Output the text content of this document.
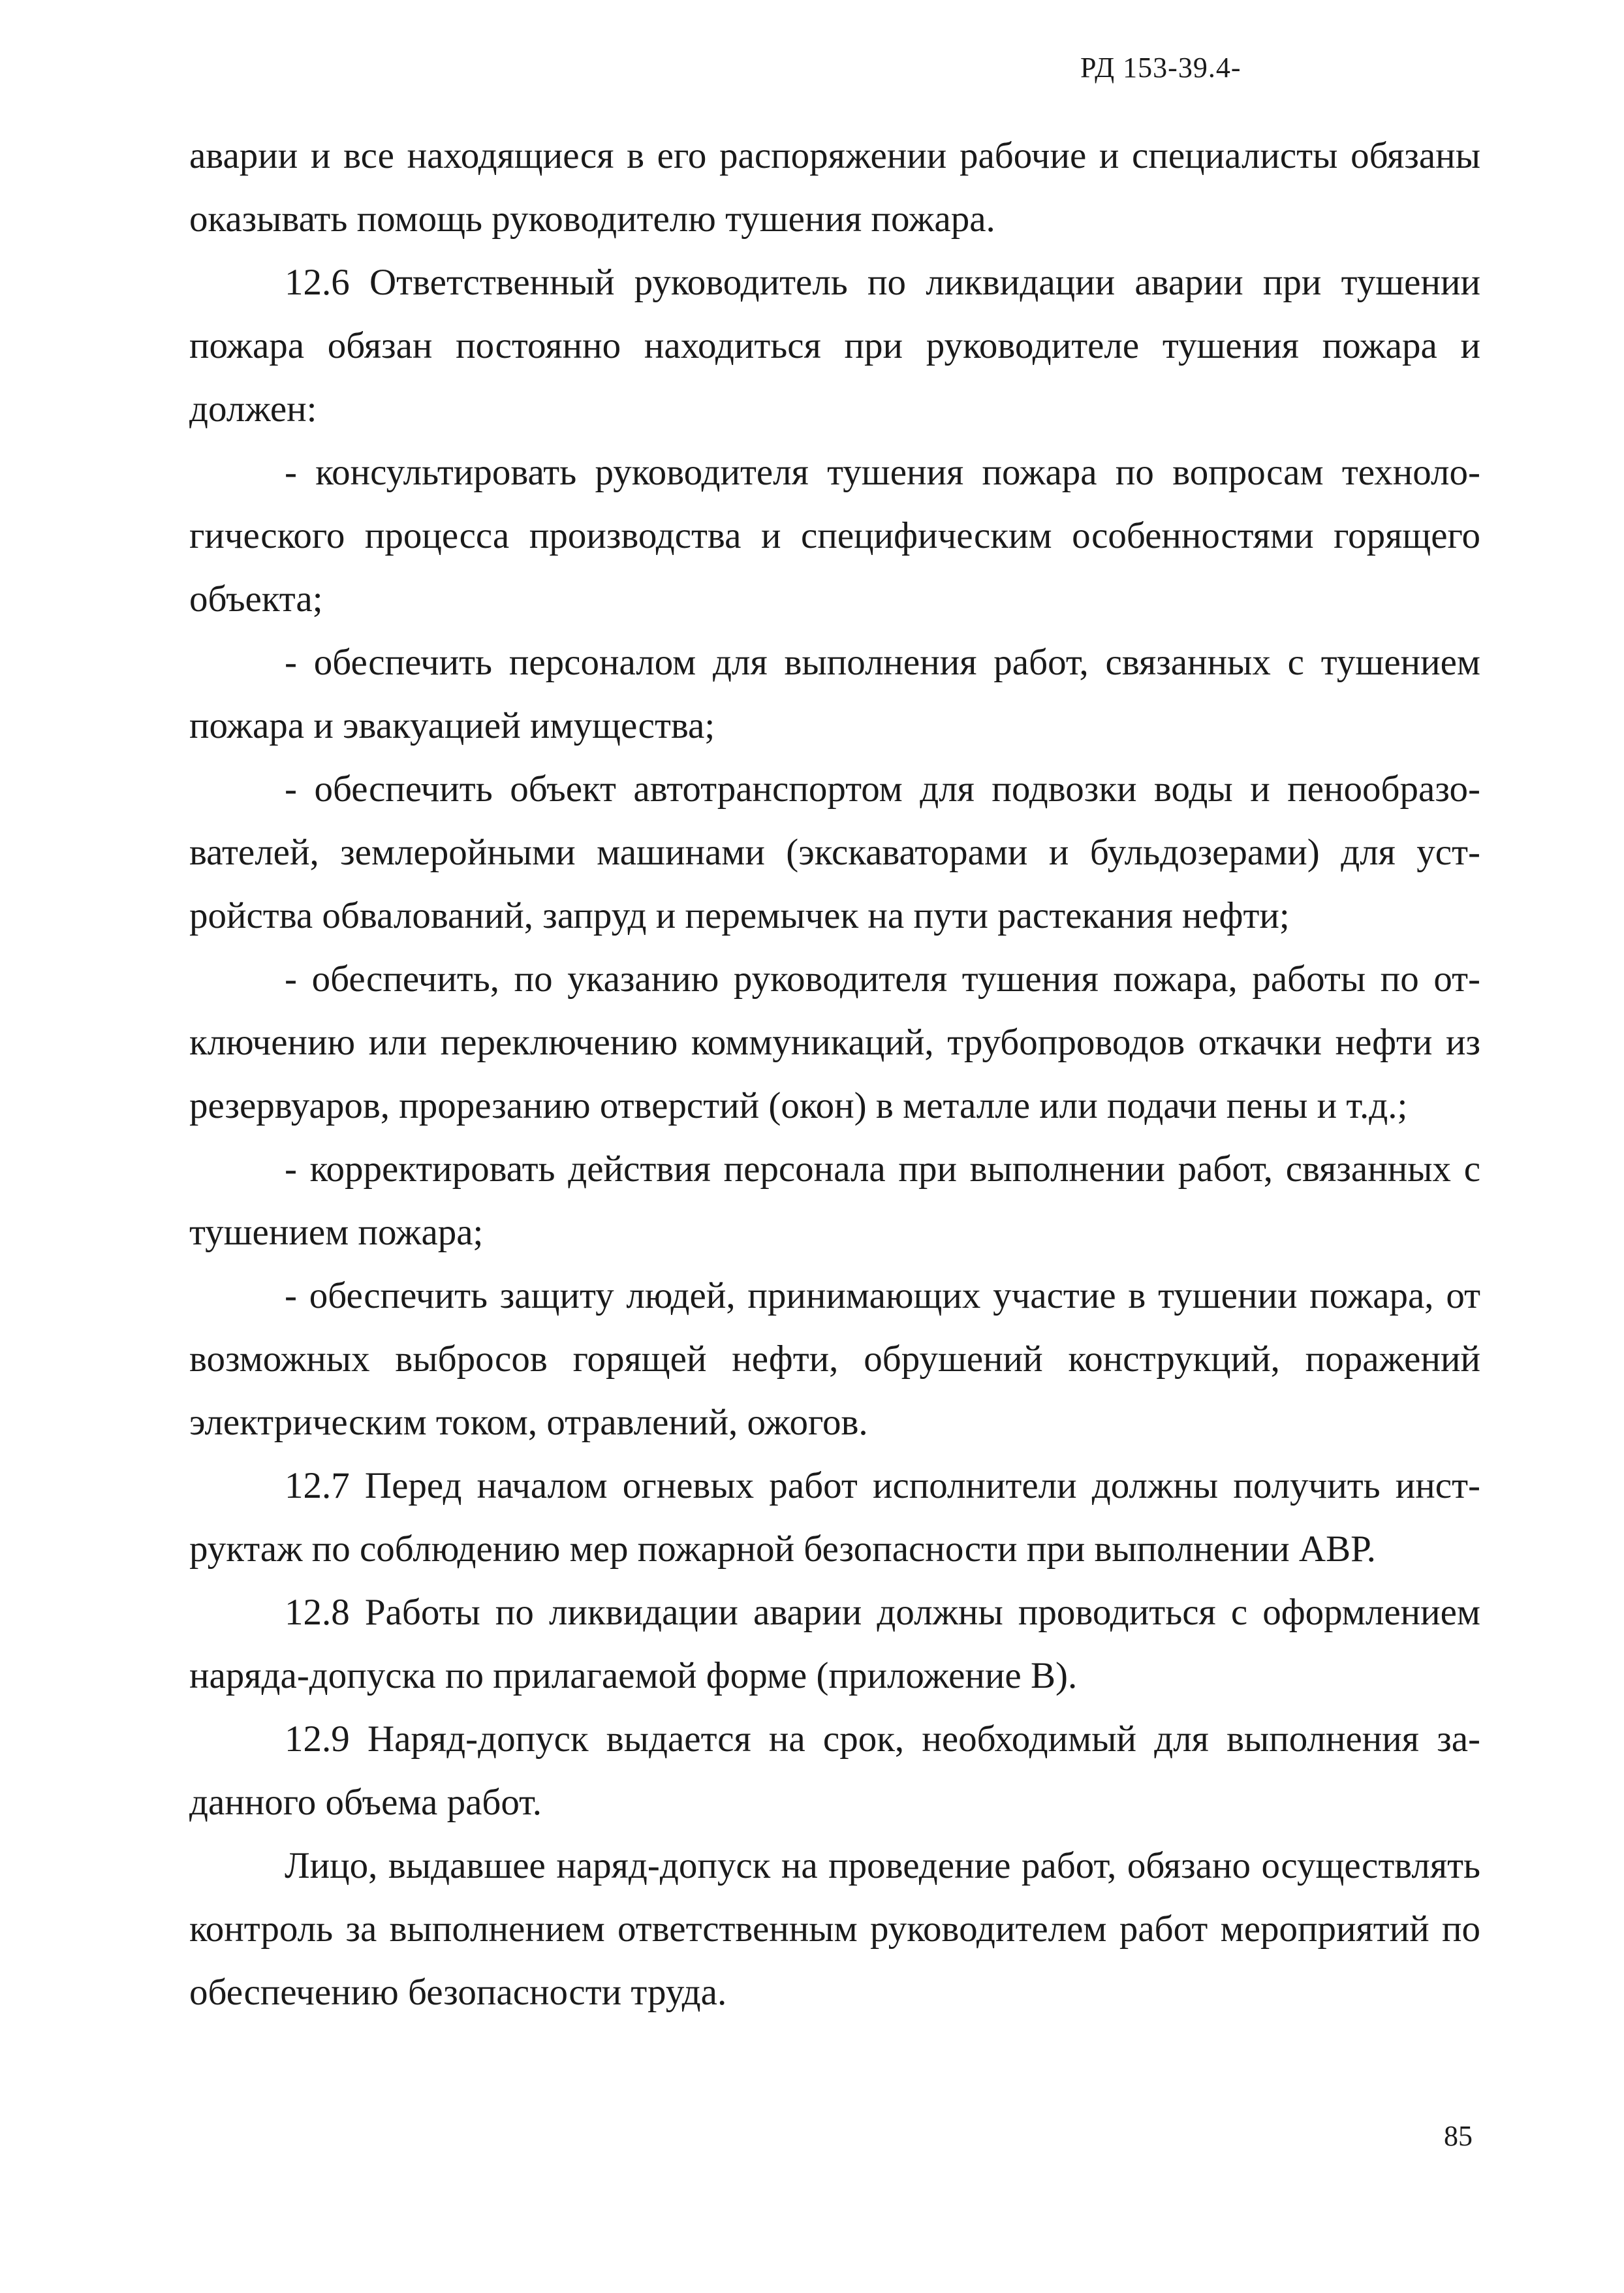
РД 153-39.4-

аварии и все находящиеся в его распоряжении рабочие и специалисты обязаны оказывать помощь руководителю тушения пожара.

12.6 Ответственный руководитель по ликвидации аварии при тушении пожара обязан постоянно находиться при руководителе тушения пожара и должен:

- консультировать руководителя тушения пожара по вопросам технологического процесса производства и специфическим особенностями горящего объекта;

- обеспечить персоналом для выполнения работ, связанных с тушением пожара и эвакуацией имущества;

- обеспечить объект автотранспортом для подвозки воды и пенообразователей, землеройными машинами (экскаваторами и бульдозерами) для устройства обвалований, запруд и перемычек на пути растекания нефти;

- обеспечить, по указанию руководителя тушения пожара, работы по отключению или переключению коммуникаций, трубопроводов откачки нефти из резервуаров, прорезанию отверстий (окон) в металле или подачи пены и т.д.;

- корректировать действия персонала при выполнении работ, связанных с тушением пожара;

- обеспечить защиту людей, принимающих участие в тушении пожара, от возможных выбросов горящей нефти, обрушений конструкций, поражений электрическим током, отравлений, ожогов.

12.7 Перед началом огневых работ исполнители должны получить инструктаж по соблюдению мер пожарной безопасности при выполнении АВР.

12.8 Работы по ликвидации аварии должны проводиться с оформлением наряда-допуска по прилагаемой форме (приложение В).

12.9 Наряд-допуск выдается на срок, необходимый для выполнения заданного объема работ.

Лицо, выдавшее наряд-допуск на проведение работ, обязано осуществлять контроль за выполнением ответственным руководителем работ мероприятий по обеспечению безопасности труда.

85
